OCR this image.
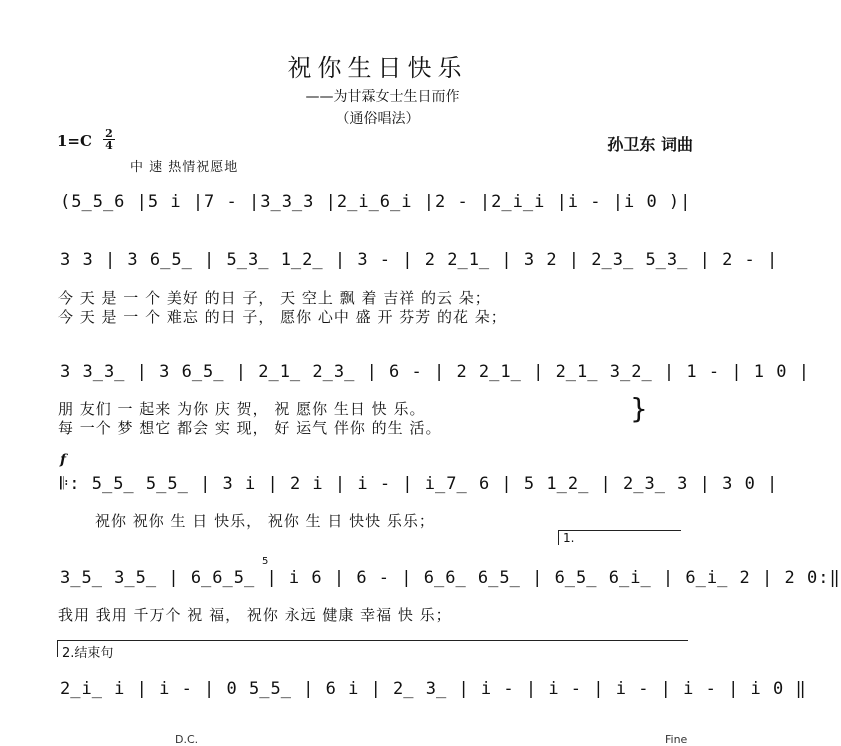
祝你生日快乐
——为甘霖女士生日而作
（通俗唱法）
1=C 2
4	孙卫东 词曲
中 速 热情祝愿地
(5̲5̲6 |5 i |7 - |3̲3̲3 |2̲i̲6̲i |2 - |2̲i̲i |i - |i 0 )|
3 3 | 3 6̲5̲ | 5̲3̲ 1̲2̲ | 3 - | 2 2̲1̲ | 3 2 | 2̲3̲ 5̲3̲ | 2 - |
今 天 是 一 个 美好 的日 子， 天 空上 飘 着 吉祥 的云 朵；
今 天 是 一 个 难忘 的日 子， 愿你 心中 盛 开 芬芳 的花 朵；
3 3̲3̲ | 3 6̲5̲ | 2̲1̲ 2̲3̲ | 6 - | 2 2̲1̲ | 2̲1̲ 3̲2̲ | 1 - | 1 0 |
朋 友们 一 起来 为你 庆 贺， 祝 愿你 生日 快 乐。
每 一个 梦 想它 都会 实 现， 好 运气 伴你 的生 活。
}
f
𝄆: 5̲5̲ 5̲5̲ | 3 i | 2 i | i - | i̲7̲ 6 | 5 1̲2̲ | 2̲3̲ 3 | 3 0 |
祝你 祝你 生 日 快乐， 祝你 生 日 快快 乐乐；
1.
5
3̲5̲ 3̲5̲ | 6̲6̲5̲ | i 6 | 6 - | 6̲6̲ 6̲5̲ | 6̲5̲ 6̲i̲ | 6̲i̲ 2 | 2 0:‖
我用 我用 千万个 祝 福， 祝你 永远 健康 幸福 快 乐；
2.结束句
2̲i̲ i | i - | 0 5̲5̲ | 6 i | 2̲ 3̲ | i - | i - | i - | i - | i 0 ‖
D.C.	Fine
